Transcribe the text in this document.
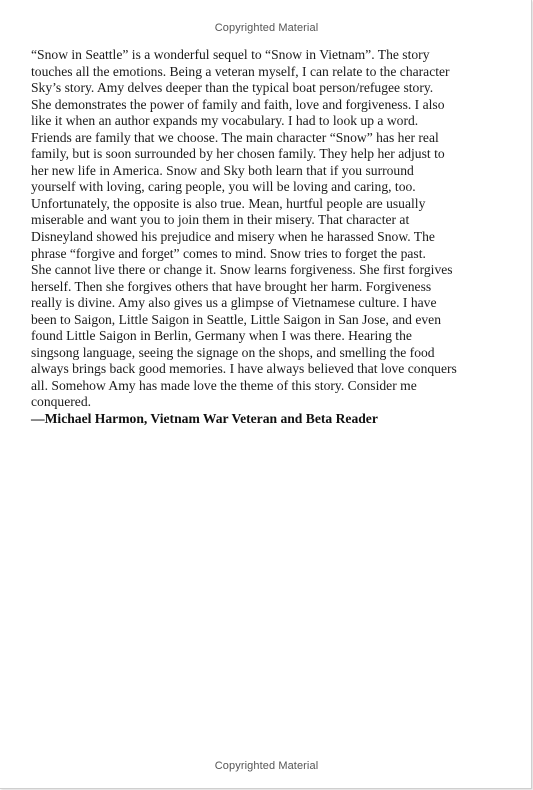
Copyrighted Material

“Snow in Seattle” is a wonderful sequel to “Snow in Vietnam”. The story
touches all the emotions. Being a veteran myself, I can relate to the character
Sky’s story. Amy delves deeper than the typical boat person/refugee story.
She demonstrates the power of family and faith, love and forgiveness. I also
like it when an author expands my vocabulary. I had to look up a word.
Friends are family that we choose. The main character “Snow” has her real
family, but is soon surrounded by her chosen family. They help her adjust to
her new life in America. Snow and Sky both learn that if you surround
yourself with loving, caring people, you will be loving and caring, too.
Unfortunately, the opposite is also true. Mean, hurtful people are usually
miserable and want you to join them in their misery. That character at
Disneyland showed his prejudice and misery when he harassed Snow. The
phrase “forgive and forget” comes to mind. Snow tries to forget the past.
She cannot live there or change it. Snow learns forgiveness. She first forgives
herself. Then she forgives others that have brought her harm. Forgiveness
really is divine. Amy also gives us a glimpse of Vietnamese culture. I have
been to Saigon, Little Saigon in Seattle, Little Saigon in San Jose, and even
found Little Saigon in Berlin, Germany when I was there. Hearing the
singsong language, seeing the signage on the shops, and smelling the food
always brings back good memories. I have always believed that love conquers
all. Somehow Amy has made love the theme of this story. Consider me
conquered.

—Michael Harmon, Vietnam War Veteran and Beta Reader

Copyrighted Material
